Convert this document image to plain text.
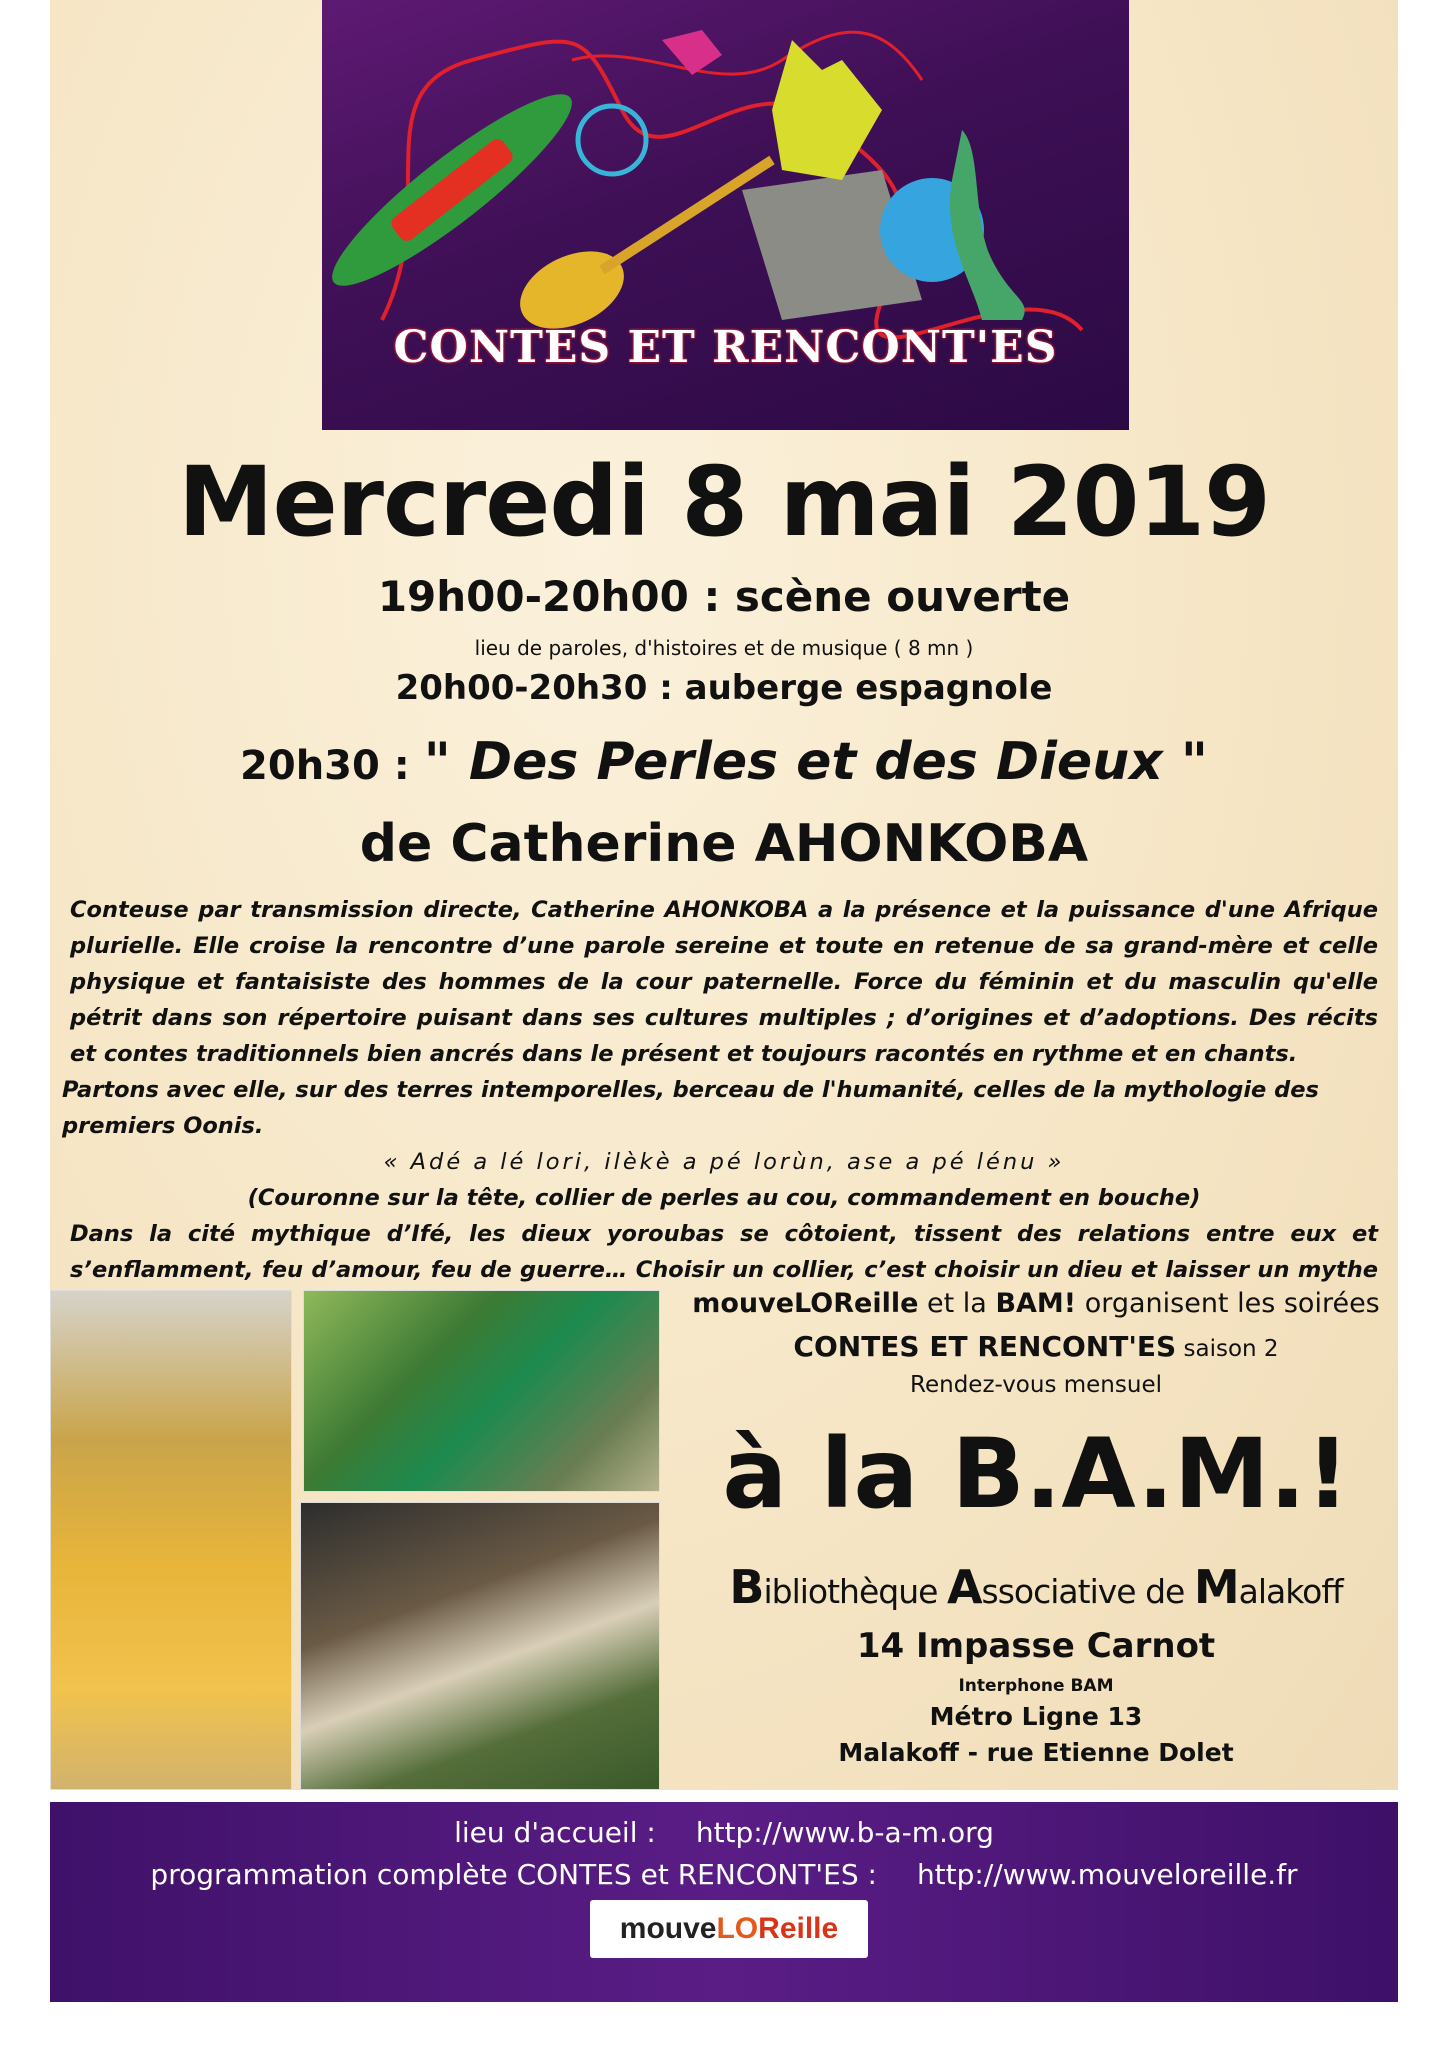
CONTES ET RENCONT'ES
Mercredi 8 mai 2019
19h00-20h00 : scène ouverte
lieu de paroles, d'histoires et de musique ( 8 mn )
20h00-20h30 : auberge espagnole
20h30 : " Des Perles et des Dieux "
de Catherine AHONKOBA

Conteuse par transmission directe, Catherine AHONKOBA a la présence et la puissance d'une Afrique plurielle. Elle croise la rencontre d’une parole sereine et toute en retenue de sa grand-mère et celle physique et fantaisiste des hommes de la cour paternelle. Force du féminin et du masculin qu'elle pétrit dans son répertoire puisant dans ses cultures multiples ; d’origines et d’adoptions. Des récits et contes traditionnels bien ancrés dans le présent et toujours racontés en rythme et en chants.

Partons avec elle, sur des terres intemporelles, berceau de l'humanité, celles de la mythologie des premiers Oonis.

« Adé a lé lori, ilèkè a pé lorùn, ase a pé lénu »

(Couronne sur la tête, collier de perles au cou, commandement en bouche)

Dans la cité mythique d’Ifé, les dieux yoroubas se côtoient, tissent des relations entre eux et s’enflamment, feu d’amour, feu de guerre… Choisir un collier, c’est choisir un dieu et laisser un mythe

mouveLOReille et la BAM! organisent les soirées
CONTES ET RENCONT'ES saison 2
Rendez-vous mensuel
à la B.A.M.!
Bibliothèque Associative de Malakoff
14 Impasse Carnot
Interphone BAM
Métro Ligne 13
Malakoff - rue Etienne Dolet
lieu d'accueil : http://www.b-a-m.org
programmation complète CONTES et RENCONT'ES : http://www.mouveloreille.fr
mouveLOReille
